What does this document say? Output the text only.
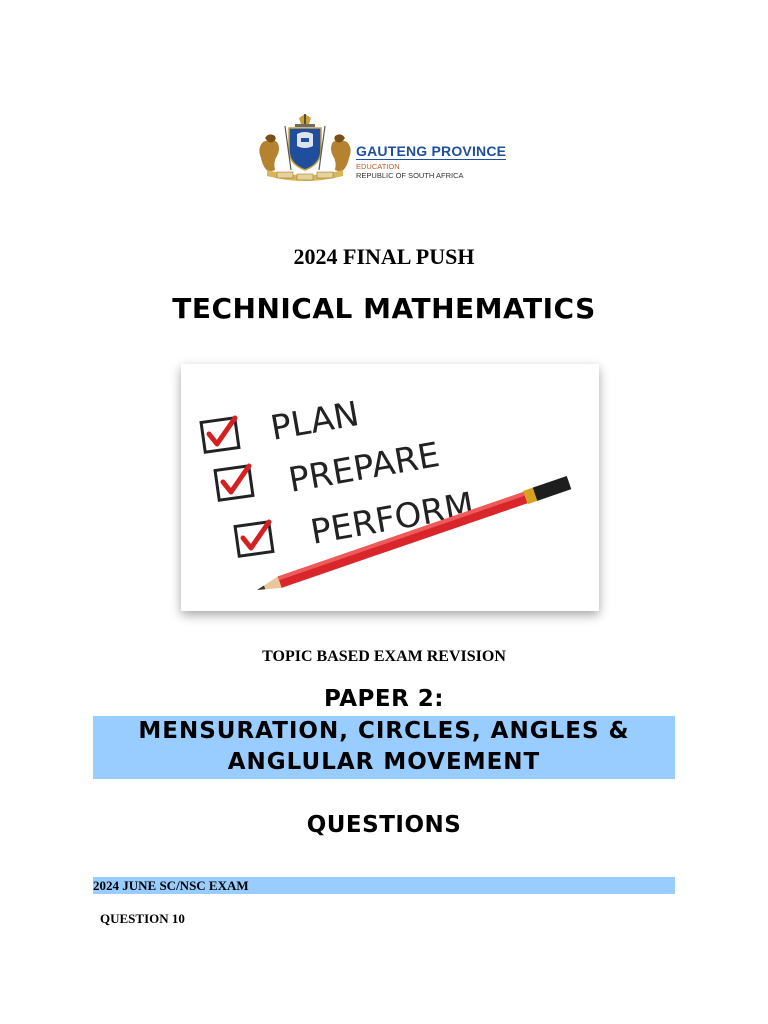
GAUTENG PROVINCE
EDUCATION
REPUBLIC OF SOUTH AFRICA
2024 FINAL PUSH
TECHNICAL MATHEMATICS
PLAN
PREPARE
PERFORM
TOPIC BASED EXAM REVISION
PAPER 2:
MENSURATION, CIRCLES, ANGLES &
ANGLULAR MOVEMENT
QUESTIONS
2024 JUNE SC/NSC EXAM
QUESTION 10
